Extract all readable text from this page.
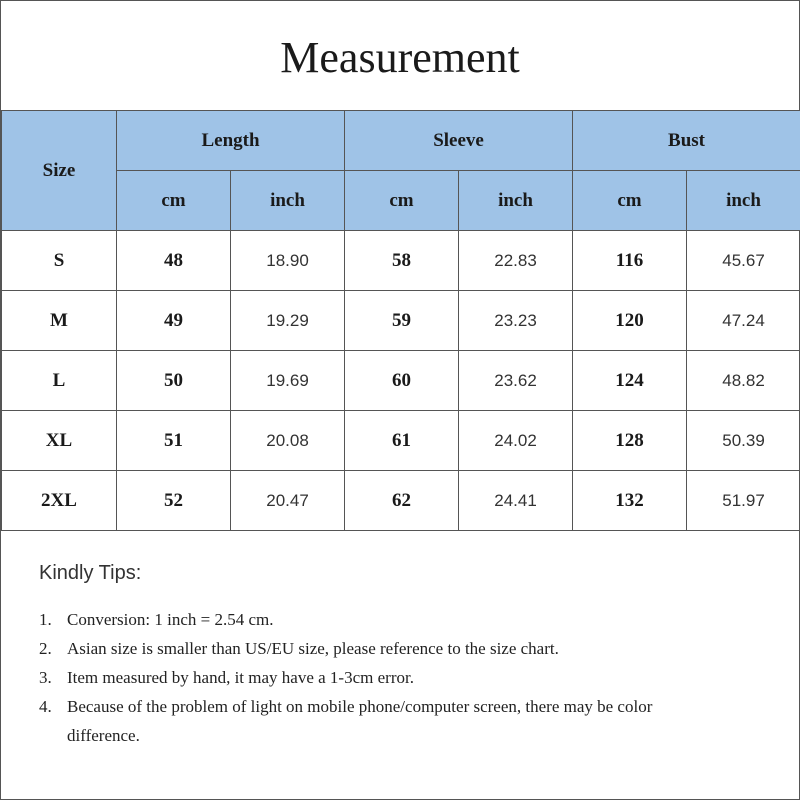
Measurement
Size	Length		Sleeve		Bust	
	cm	inch	cm	inch	cm	inch
S	48	18.90	58	22.83	116	45.67
M	49	19.29	59	23.23	120	47.24
L	50	19.69	60	23.62	124	48.82
XL	51	20.08	61	24.02	128	50.39
2XL	52	20.47	62	24.41	132	51.97
Kindly Tips:
1. Conversion: 1 inch = 2.54 cm.
2. Asian size is smaller than US/EU size, please reference to the size chart.
3. Item measured by hand, it may have a 1-3cm error.
4. Because of the problem of light on mobile phone/computer screen, there may be color difference.
